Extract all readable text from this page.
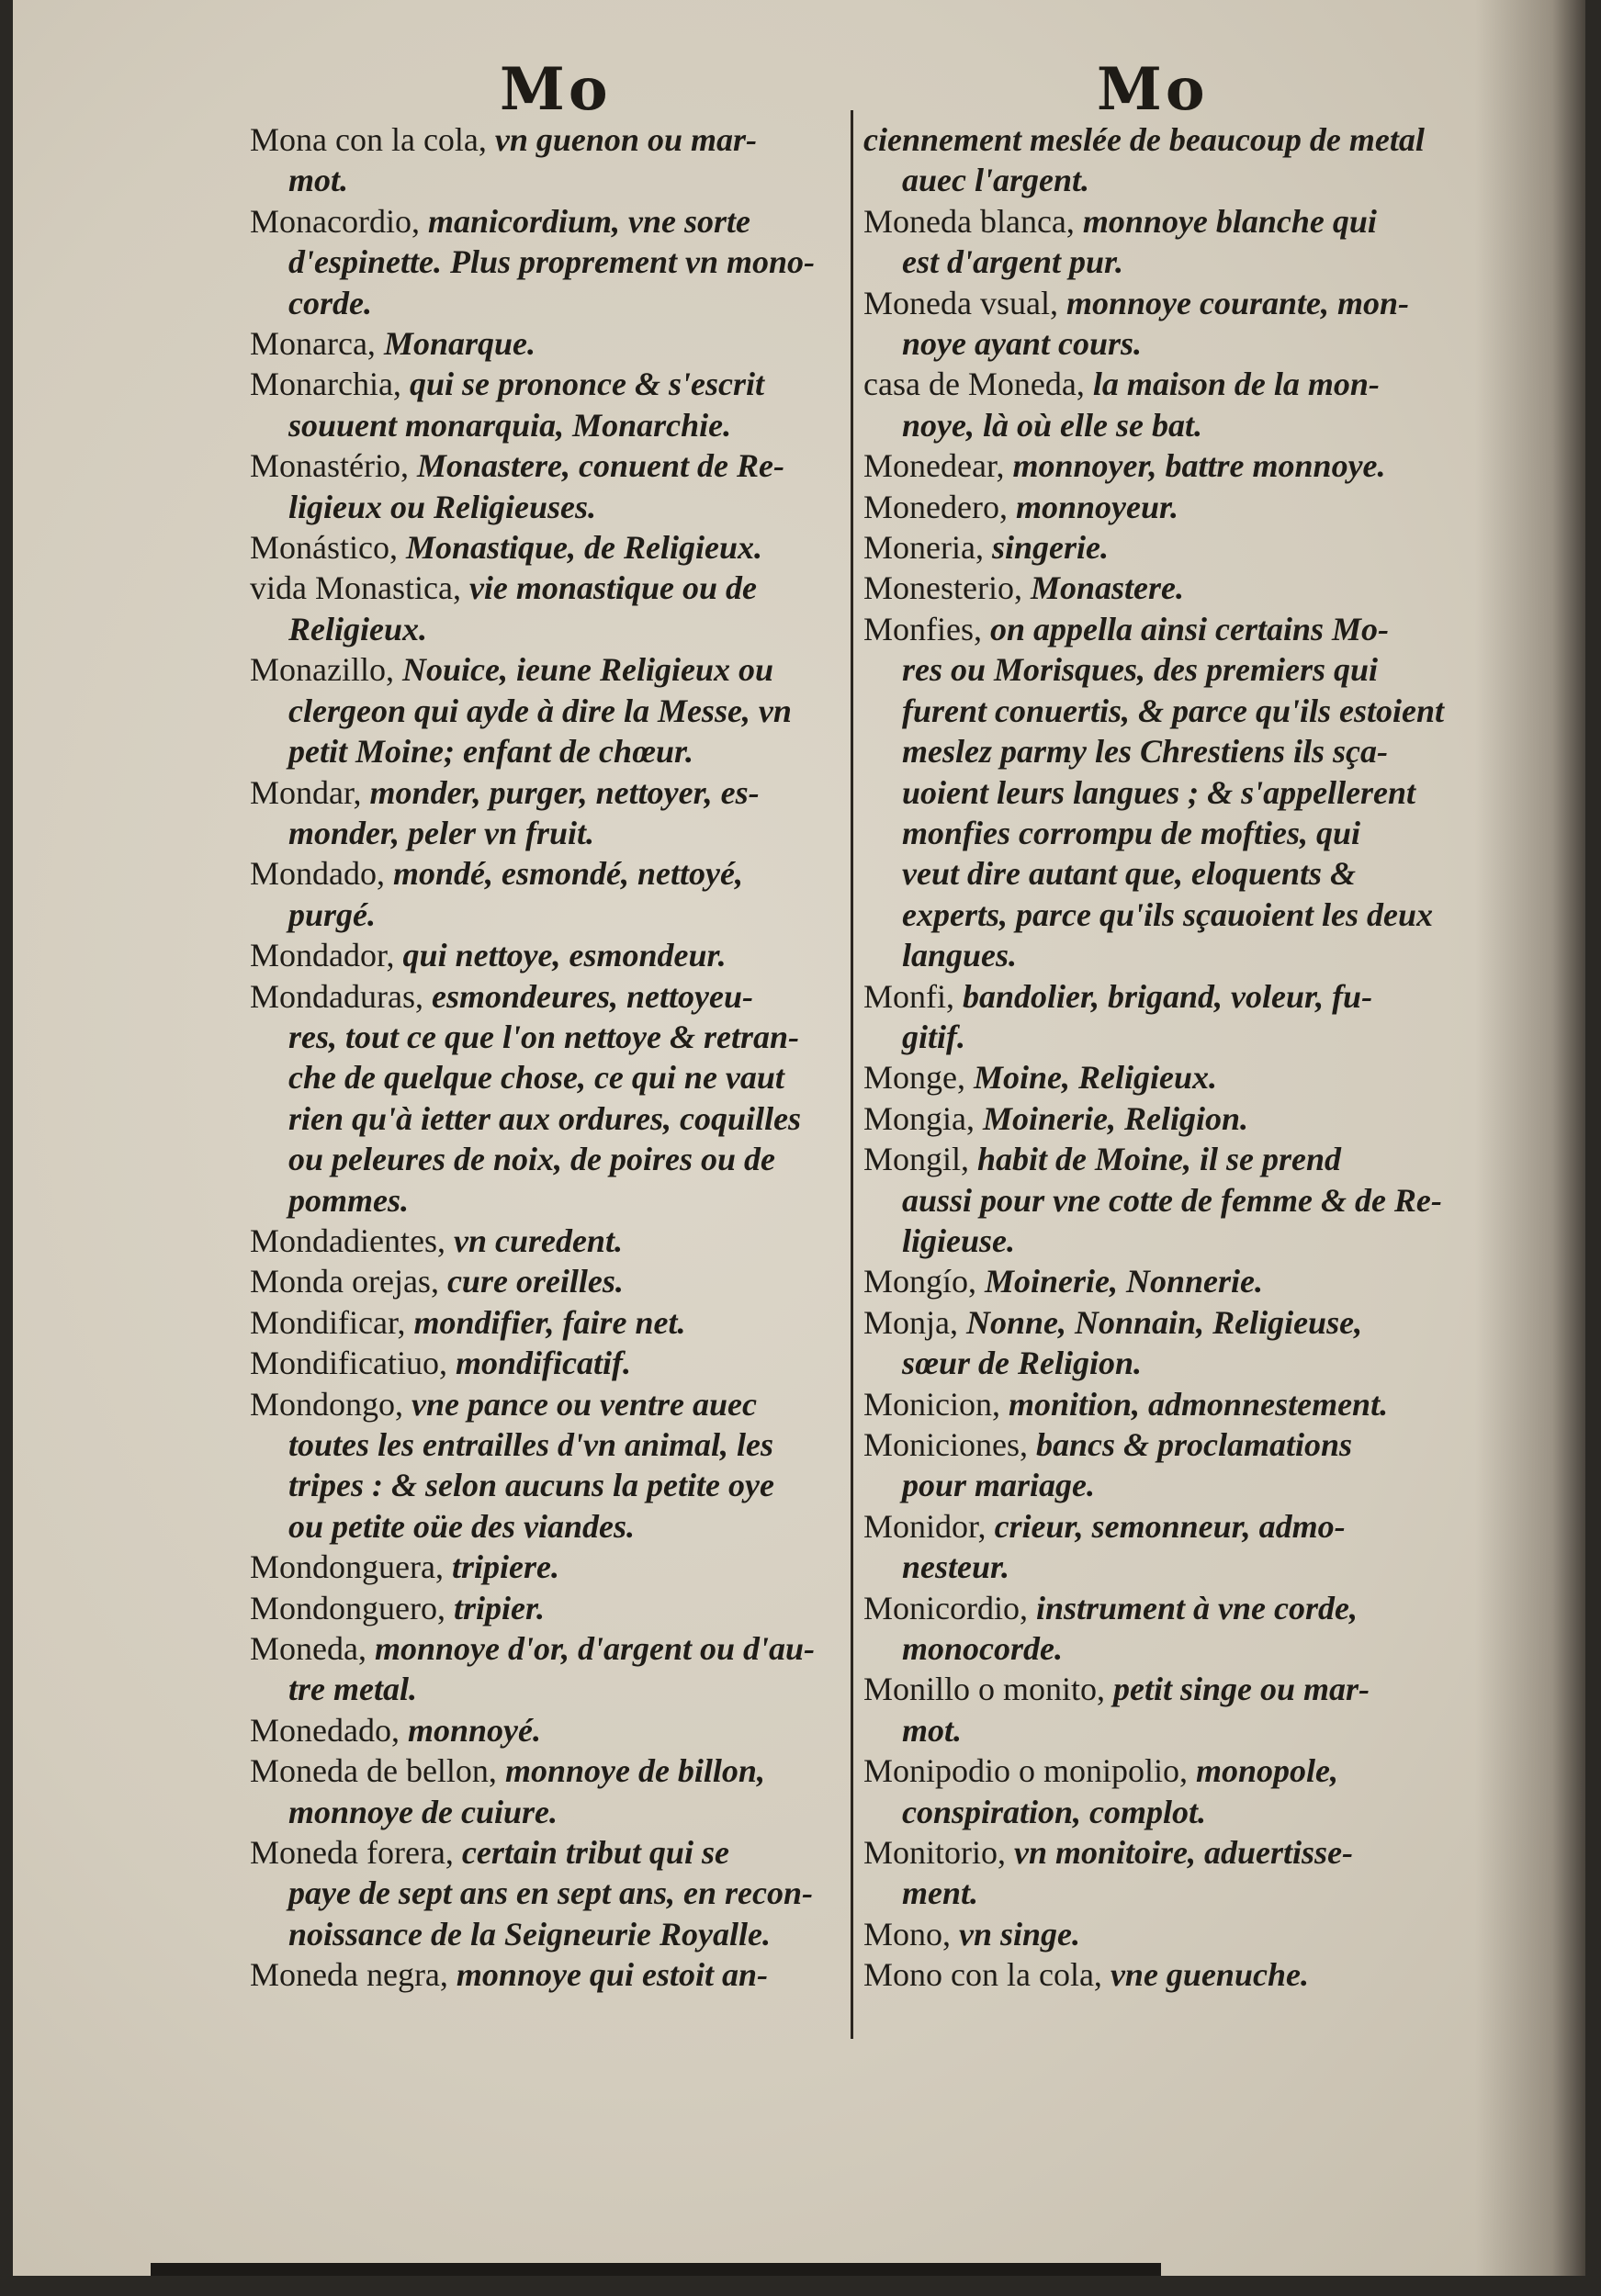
Mo	Mo
Mona con la cola, vn guenon ou mar-
mot.
Monacordio, manicordium, vne sorte
d'espinette. Plus proprement vn mono-
corde.
Monarca, Monarque.
Monarchia, qui se prononce & s'escrit
souuent monarquia, Monarchie.
Monastério, Monastere, conuent de Re-
ligieux ou Religieuses.
Monástico, Monastique, de Religieux.
vida Monastica, vie monastique ou de
Religieux.
Monazillo, Nouice, ieune Religieux ou
clergeon qui ayde à dire la Messe, vn
petit Moine; enfant de chœur.
Mondar, monder, purger, nettoyer, es-
monder, peler vn fruit.
Mondado, mondé, esmondé, nettoyé,
purgé.
Mondador, qui nettoye, esmondeur.
Mondaduras, esmondeures, nettoyeu-
res, tout ce que l'on nettoye & retran-
che de quelque chose, ce qui ne vaut
rien qu'à ietter aux ordures, coquilles
ou peleures de noix, de poires ou de
pommes.
Mondadientes, vn curedent.
Monda orejas, cure oreilles.
Mondificar, mondifier, faire net.
Mondificatiuo, mondificatif.
Mondongo, vne pance ou ventre auec
toutes les entrailles d'vn animal, les
tripes : & selon aucuns la petite oye
ou petite oüe des viandes.
Mondonguera, tripiere.
Mondonguero, tripier.
Moneda, monnoye d'or, d'argent ou d'au-
tre metal.
Monedado, monnoyé.
Moneda de bellon, monnoye de billon,
monnoye de cuiure.
Moneda forera, certain tribut qui se
paye de sept ans en sept ans, en recon-
noissance de la Seigneurie Royalle.
Moneda negra, monnoye qui estoit an-
ciennement meslée de beaucoup de metal
auec l'argent.
Moneda blanca, monnoye blanche qui
est d'argent pur.
Moneda vsual, monnoye courante, mon-
noye ayant cours.
casa de Moneda, la maison de la mon-
noye, là où elle se bat.
Monedear, monnoyer, battre monnoye.
Monedero, monnoyeur.
Moneria, singerie.
Monesterio, Monastere.
Monfies, on appella ainsi certains Mo-
res ou Morisques, des premiers qui
furent conuertis, & parce qu'ils estoient
meslez parmy les Chrestiens ils sça-
uoient leurs langues ; & s'appellerent
monfies corrompu de mofties, qui
veut dire autant que, eloquents &
experts, parce qu'ils sçauoient les deux
langues.
Monfi, bandolier, brigand, voleur, fu-
gitif.
Monge, Moine, Religieux.
Mongia, Moinerie, Religion.
Mongil, habit de Moine, il se prend
aussi pour vne cotte de femme & de Re-
ligieuse.
Mongío, Moinerie, Nonnerie.
Monja, Nonne, Nonnain, Religieuse,
sœur de Religion.
Monicion, monition, admonnestement.
Moniciones, bancs & proclamations
pour mariage.
Monidor, crieur, semonneur, admo-
nesteur.
Monicordio, instrument à vne corde,
monocorde.
Monillo o monito, petit singe ou mar-
mot.
Monipodio o monipolio, monopole,
conspiration, complot.
Monitorio, vn monitoire, aduertisse-
ment.
Mono, vn singe.
Mono con la cola, vne guenuche.
